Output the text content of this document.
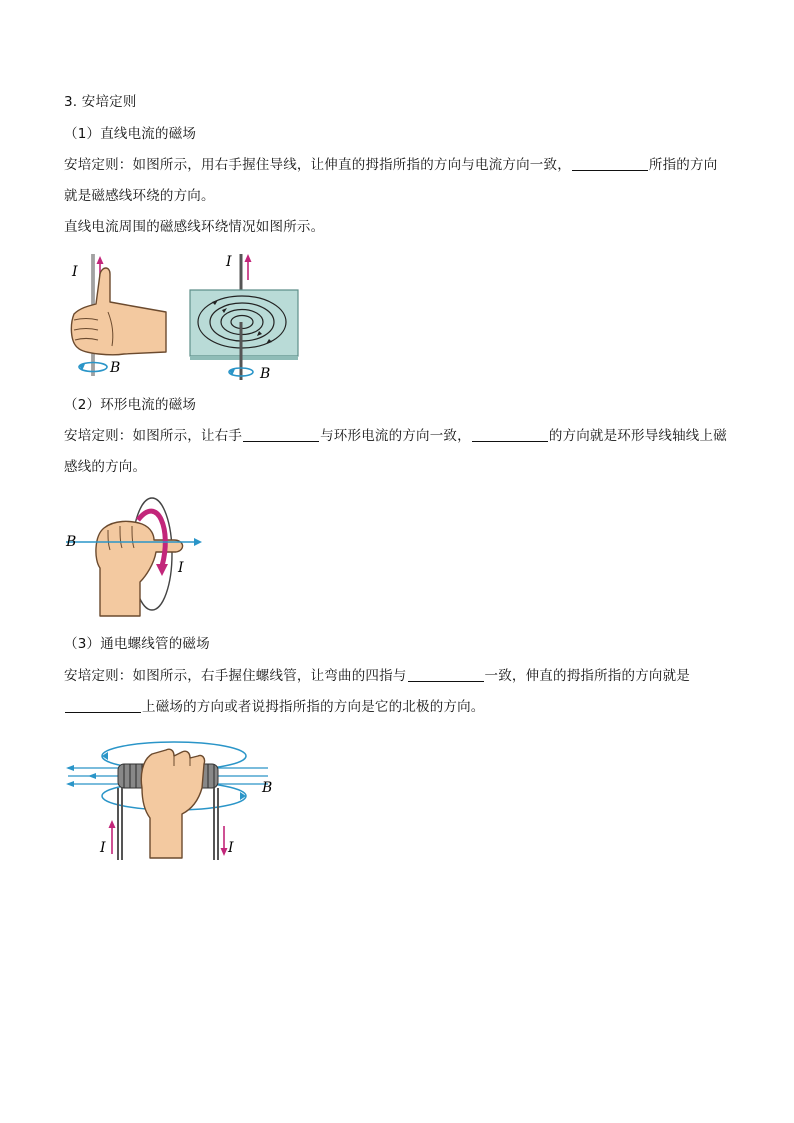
3. 安培定则
（1）直线电流的磁场
安培定则：如图所示，用右手握住导线，让伸直的拇指所指的方向与电流方向一致，	所指的方向
就是磁感线环绕的方向。
直线电流周围的磁感线环绕情况如图所示。
I
B
I
B
（2）环形电流的磁场
安培定则：如图所示，让右手	与环形电流的方向一致，	的方向就是环形导线轴线上磁
感线的方向。
B
I
（3）通电螺线管的磁场
安培定则：如图所示，右手握住螺线管，让弯曲的四指与	一致，伸直的拇指所指的方向就是
上磁场的方向或者说拇指所指的方向是它的北极的方向。
I	I
B
